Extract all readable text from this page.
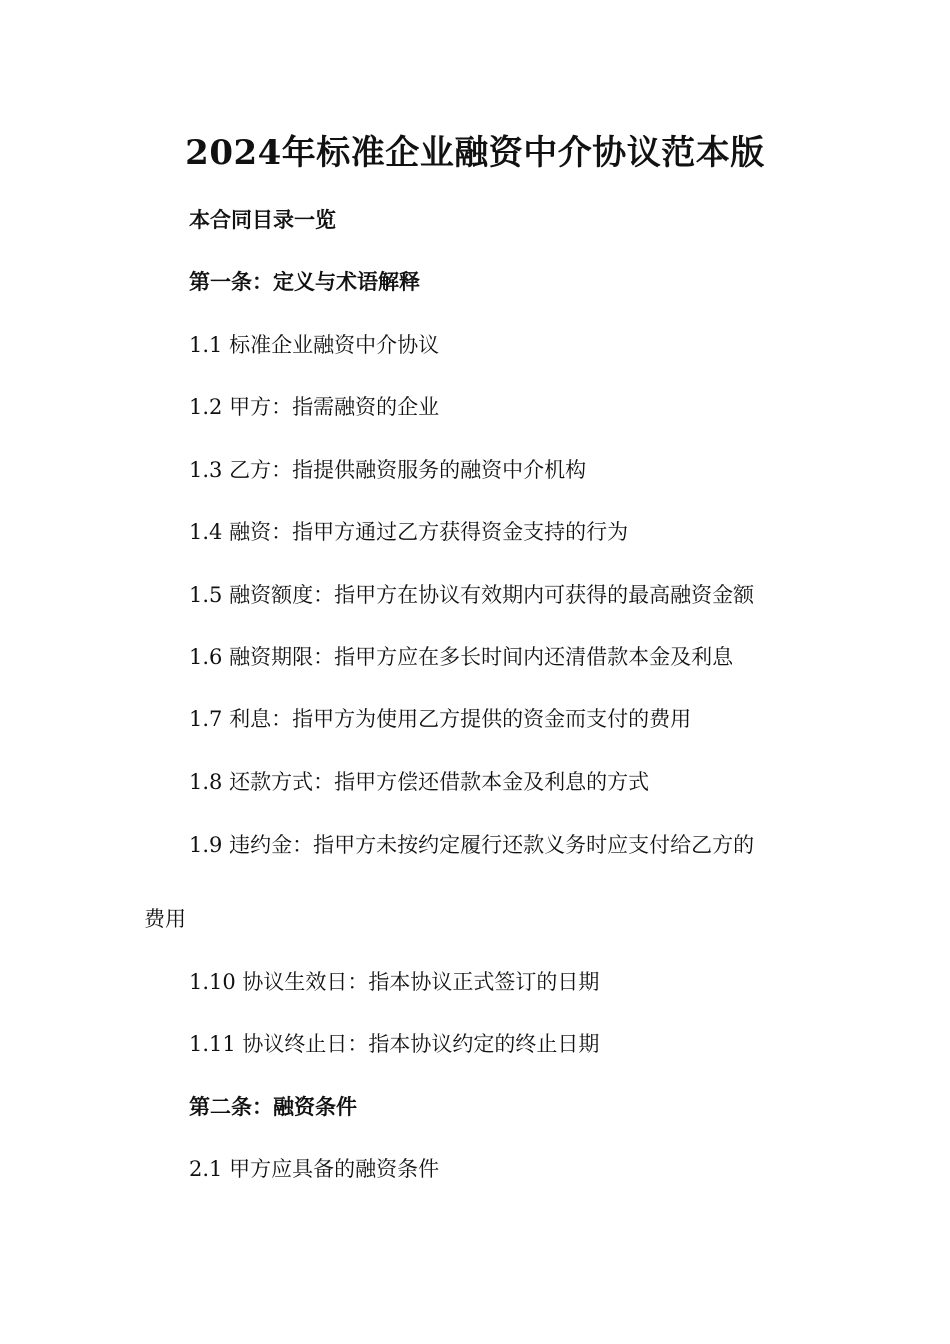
2024年标准企业融资中介协议范本版
本合同目录一览
第一条：定义与术语解释
1.1 标准企业融资中介协议
1.2 甲方：指需融资的企业
1.3 乙方：指提供融资服务的融资中介机构
1.4 融资：指甲方通过乙方获得资金支持的行为
1.5 融资额度：指甲方在协议有效期内可获得的最高融资金额
1.6 融资期限：指甲方应在多长时间内还清借款本金及利息
1.7 利息：指甲方为使用乙方提供的资金而支付的费用
1.8 还款方式：指甲方偿还借款本金及利息的方式
1.9 违约金：指甲方未按约定履行还款义务时应支付给乙方的
费用
1.10 协议生效日：指本协议正式签订的日期
1.11 协议终止日：指本协议约定的终止日期
第二条：融资条件
2.1 甲方应具备的融资条件
